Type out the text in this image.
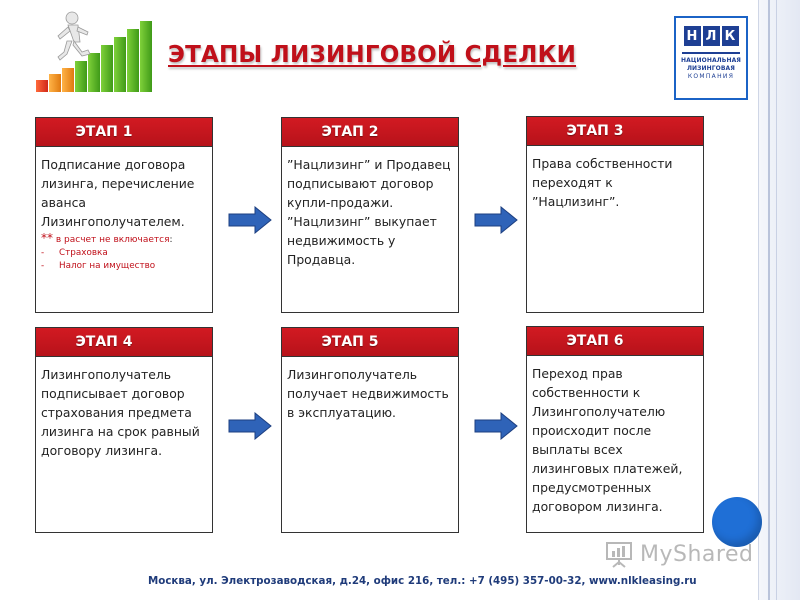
ЭТАПЫ ЛИЗИНГОВОЙ СДЕЛКИ
Н Л К
НАЦИОНАЛЬНАЯ
ЛИЗИНГОВАЯ
КОМПАНИЯ
ЭТАП 1

Подписание договора лизинга, перечисление аванса Лизингополучателем.

** в расчет не включается:
- Страховка
- Налог на имущество
ЭТАП 2

”Нацлизинг” и Продавец подписывают договор купли-продажи. ”Нацлизинг” выкупает недвижимость у Продавца.

ЭТАП 3

Права собственности переходят к ”Нацлизинг”.

ЭТАП 4

Лизингополучатель подписывает договор страхования предмета лизинга на срок равный договору лизинга.

ЭТАП 5

Лизингополучатель получает недвижимость в эксплуатацию.

ЭТАП 6

Переход прав собственности к Лизингополучателю происходит после выплаты всех лизинговых платежей, предусмотренных договором лизинга.

MyShared
Москва, ул. Электрозаводская, д.24, офис 216, тел.: +7 (495) 357-00-32, www.nlkleasing.ru
